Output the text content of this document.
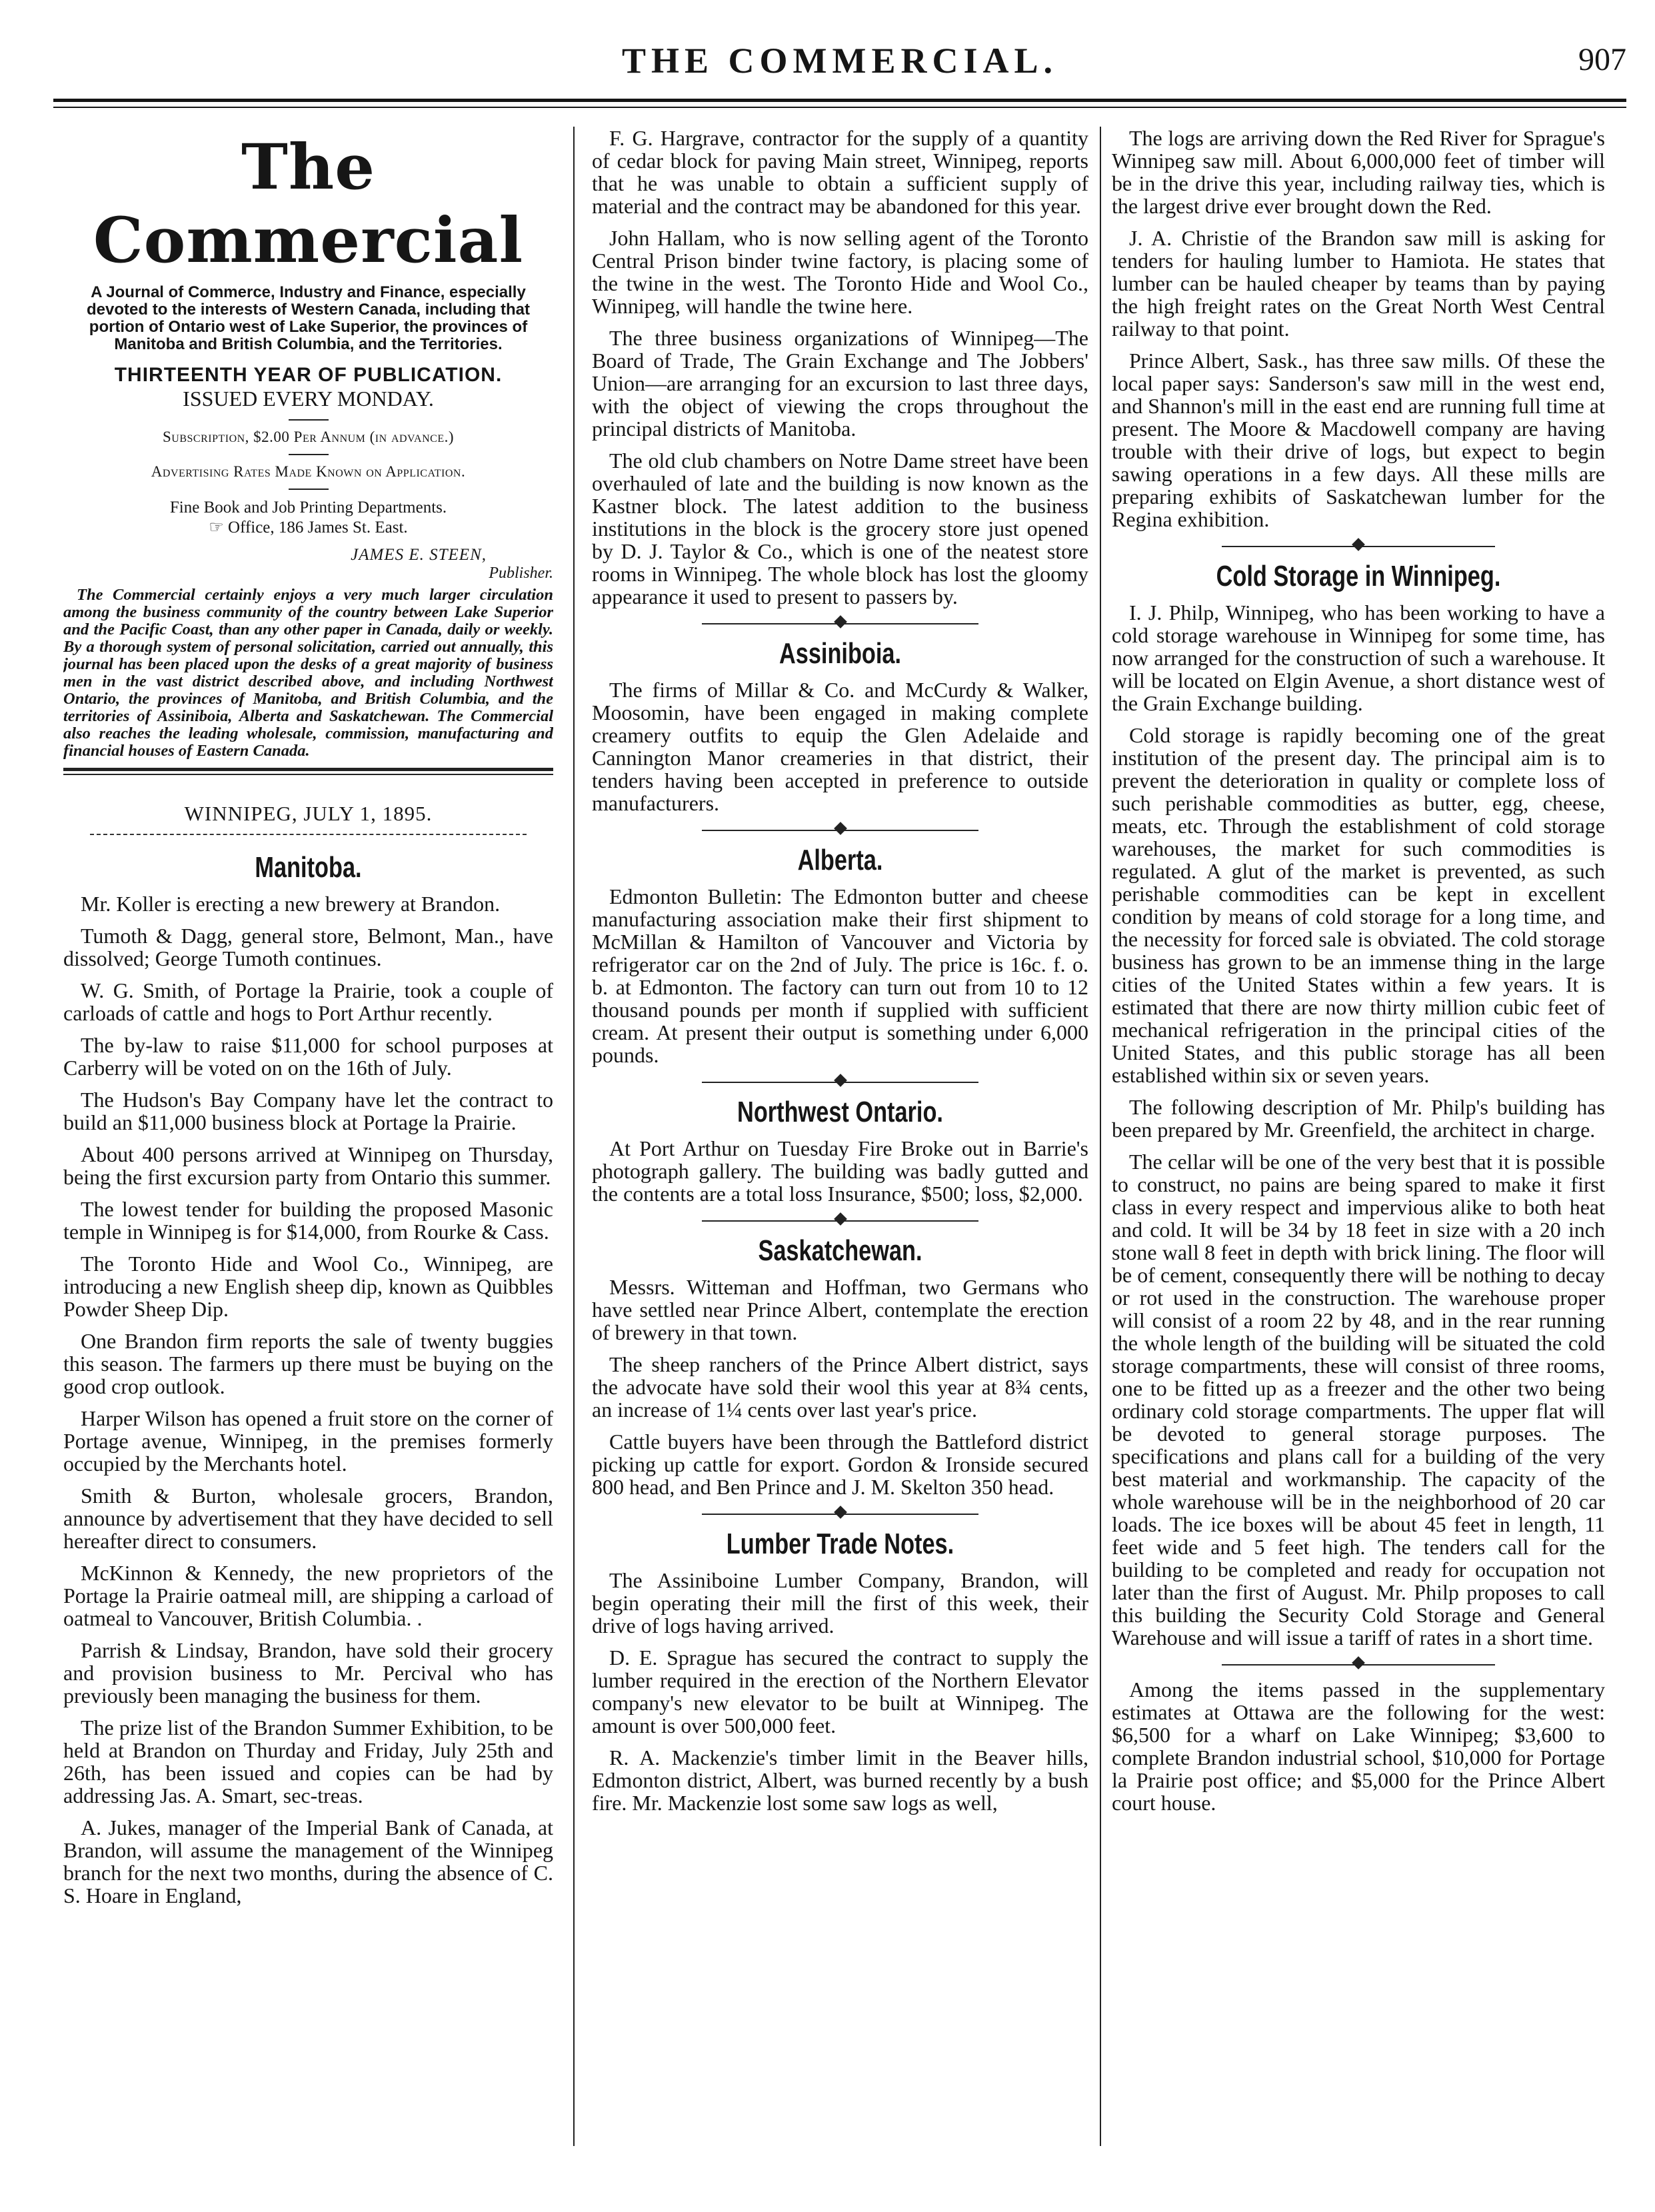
THE COMMERCIAL.	907
The Commercial
A Journal of Commerce, Industry and Finance, especially devoted to the interests of Western Canada, including that portion of Ontario west of Lake Superior, the provinces of Manitoba and British Columbia, and the Territories.
THIRTEENTH YEAR OF PUBLICATION.
ISSUED EVERY MONDAY.
Subscription, $2.00 Per Annum (in advance.)
Advertising Rates Made Known on Application.
Fine Book and Job Printing Departments.
☞ Office, 186 James St. East.
JAMES E. STEEN,
Publisher.

The Commercial certainly enjoys a very much larger circulation among the business community of the country between Lake Superior and the Pacific Coast, than any other paper in Canada, daily or weekly. By a thorough system of personal solicitation, carried out annually, this journal has been placed upon the desks of a great majority of business men in the vast district described above, and including Northwest Ontario, the provinces of Manitoba, and British Columbia, and the territories of Assiniboia, Alberta and Saskatchewan. The Commercial also reaches the leading wholesale, commission, manufacturing and financial houses of Eastern Canada.

WINNIPEG, JULY 1, 1895.
Manitoba.

Mr. Koller is erecting a new brewery at Brandon.

Tumoth & Dagg, general store, Belmont, Man., have dissolved; George Tumoth continues.

W. G. Smith, of Portage la Prairie, took a couple of carloads of cattle and hogs to Port Arthur recently.

The by-law to raise $11,000 for school purposes at Carberry will be voted on on the 16th of July.

The Hudson's Bay Company have let the contract to build an $11,000 business block at Portage la Prairie.

About 400 persons arrived at Winnipeg on Thursday, being the first excursion party from Ontario this summer.

The lowest tender for building the proposed Masonic temple in Winnipeg is for $14,000, from Rourke & Cass.

The Toronto Hide and Wool Co., Winnipeg, are introducing a new English sheep dip, known as Quibbles Powder Sheep Dip.

One Brandon firm reports the sale of twenty buggies this season. The farmers up there must be buying on the good crop outlook.

Harper Wilson has opened a fruit store on the corner of Portage avenue, Winnipeg, in the premises formerly occupied by the Merchants hotel.

Smith & Burton, wholesale grocers, Brandon, announce by advertisement that they have decided to sell hereafter direct to consumers.

McKinnon & Kennedy, the new proprietors of the Portage la Prairie oatmeal mill, are shipping a carload of oatmeal to Vancouver, British Columbia. .

Parrish & Lindsay, Brandon, have sold their grocery and provision business to Mr. Percival who has previously been managing the business for them.

The prize list of the Brandon Summer Exhibition, to be held at Brandon on Thurday and Friday, July 25th and 26th, has been issued and copies can be had by addressing Jas. A. Smart, sec-treas.

A. Jukes, manager of the Imperial Bank of Canada, at Brandon, will assume the management of the Winnipeg branch for the next two months, during the absence of C. S. Hoare in England,

F. G. Hargrave, contractor for the supply of a quantity of cedar block for paving Main street, Winnipeg, reports that he was unable to obtain a sufficient supply of material and the contract may be abandoned for this year.

John Hallam, who is now selling agent of the Toronto Central Prison binder twine factory, is placing some of the twine in the west. The Toronto Hide and Wool Co., Winnipeg, will handle the twine here.

The three business organizations of Winnipeg—The Board of Trade, The Grain Exchange and The Jobbers' Union—are arranging for an excursion to last three days, with the object of viewing the crops throughout the principal districts of Manitoba.

The old club chambers on Notre Dame street have been overhauled of late and the building is now known as the Kastner block. The latest addition to the business institutions in the block is the grocery store just opened by D. J. Taylor & Co., which is one of the neatest store rooms in Winnipeg. The whole block has lost the gloomy appearance it used to present to passers by.

Assiniboia.

The firms of Millar & Co. and McCurdy & Walker, Moosomin, have been engaged in making complete creamery outfits to equip the Glen Adelaide and Cannington Manor creameries in that district, their tenders having been accepted in preference to outside manufacturers.

Alberta.

Edmonton Bulletin: The Edmonton butter and cheese manufacturing association make their first shipment to McMillan & Hamilton of Vancouver and Victoria by refrigerator car on the 2nd of July. The price is 16c. f. o. b. at Edmonton. The factory can turn out from 10 to 12 thousand pounds per month if supplied with sufficient cream. At present their output is something under 6,000 pounds.

Northwest Ontario.

At Port Arthur on Tuesday Fire Broke out in Barrie's photograph gallery. The building was badly gutted and the contents are a total loss Insurance, $500; loss, $2,000.

Saskatchewan.

Messrs. Witteman and Hoffman, two Germans who have settled near Prince Albert, contemplate the erection of brewery in that town.

The sheep ranchers of the Prince Albert district, says the advocate have sold their wool this year at 8¾ cents, an increase of 1¼ cents over last year's price.

Cattle buyers have been through the Battleford district picking up cattle for export. Gordon & Ironside secured 800 head, and Ben Prince and J. M. Skelton 350 head.

Lumber Trade Notes.

The Assiniboine Lumber Company, Brandon, will begin operating their mill the first of this week, their drive of logs having arrived.

D. E. Sprague has secured the contract to supply the lumber required in the erection of the Northern Elevator company's new elevator to be built at Winnipeg. The amount is over 500,000 feet.

R. A. Mackenzie's timber limit in the Beaver hills, Edmonton district, Albert, was burned recently by a bush fire. Mr. Mackenzie lost some saw logs as well,

The logs are arriving down the Red River for Sprague's Winnipeg saw mill. About 6,000,000 feet of timber will be in the drive this year, including railway ties, which is the largest drive ever brought down the Red.

J. A. Christie of the Brandon saw mill is asking for tenders for hauling lumber to Hamiota. He states that lumber can be hauled cheaper by teams than by paying the high freight rates on the Great North West Central railway to that point.

Prince Albert, Sask., has three saw mills. Of these the local paper says: Sanderson's saw mill in the west end, and Shannon's mill in the east end are running full time at present. The Moore & Macdowell company are having trouble with their drive of logs, but expect to begin sawing operations in a few days. All these mills are preparing exhibits of Saskatchewan lumber for the Regina exhibition.

Cold Storage in Winnipeg.

I. J. Philp, Winnipeg, who has been working to have a cold storage warehouse in Winnipeg for some time, has now arranged for the construction of such a warehouse. It will be located on Elgin Avenue, a short distance west of the Grain Exchange building.

Cold storage is rapidly becoming one of the great institution of the present day. The principal aim is to prevent the deterioration in quality or complete loss of such perishable commodities as butter, egg, cheese, meats, etc. Through the establishment of cold storage warehouses, the market for such commodities is regulated. A glut of the market is prevented, as such perishable commodities can be kept in excellent condition by means of cold storage for a long time, and the necessity for forced sale is obviated. The cold storage business has grown to be an immense thing in the large cities of the United States within a few years. It is estimated that there are now thirty million cubic feet of mechanical refrigeration in the principal cities of the United States, and this public storage has all been established within six or seven years.

The following description of Mr. Philp's building has been prepared by Mr. Greenfield, the architect in charge.

The cellar will be one of the very best that it is possible to construct, no pains are being spared to make it first class in every respect and impervious alike to both heat and cold. It will be 34 by 18 feet in size with a 20 inch stone wall 8 feet in depth with brick lining. The floor will be of cement, consequently there will be nothing to decay or rot used in the construction. The warehouse proper will consist of a room 22 by 48, and in the rear running the whole length of the building will be situated the cold storage compartments, these will consist of three rooms, one to be fitted up as a freezer and the other two being ordinary cold storage compartments. The upper flat will be devoted to general storage purposes. The specifications and plans call for a building of the very best material and workmanship. The capacity of the whole warehouse will be in the neighborhood of 20 car loads. The ice boxes will be about 45 feet in length, 11 feet wide and 5 feet high. The tenders call for the building to be completed and ready for occupation not later than the first of August. Mr. Philp proposes to call this building the Security Cold Storage and General Warehouse and will issue a tariff of rates in a short time.

Among the items passed in the supplementary estimates at Ottawa are the following for the west: $6,500 for a wharf on Lake Winnipeg; $3,600 to complete Brandon industrial school, $10,000 for Portage la Prairie post office; and $5,000 for the Prince Albert court house.
